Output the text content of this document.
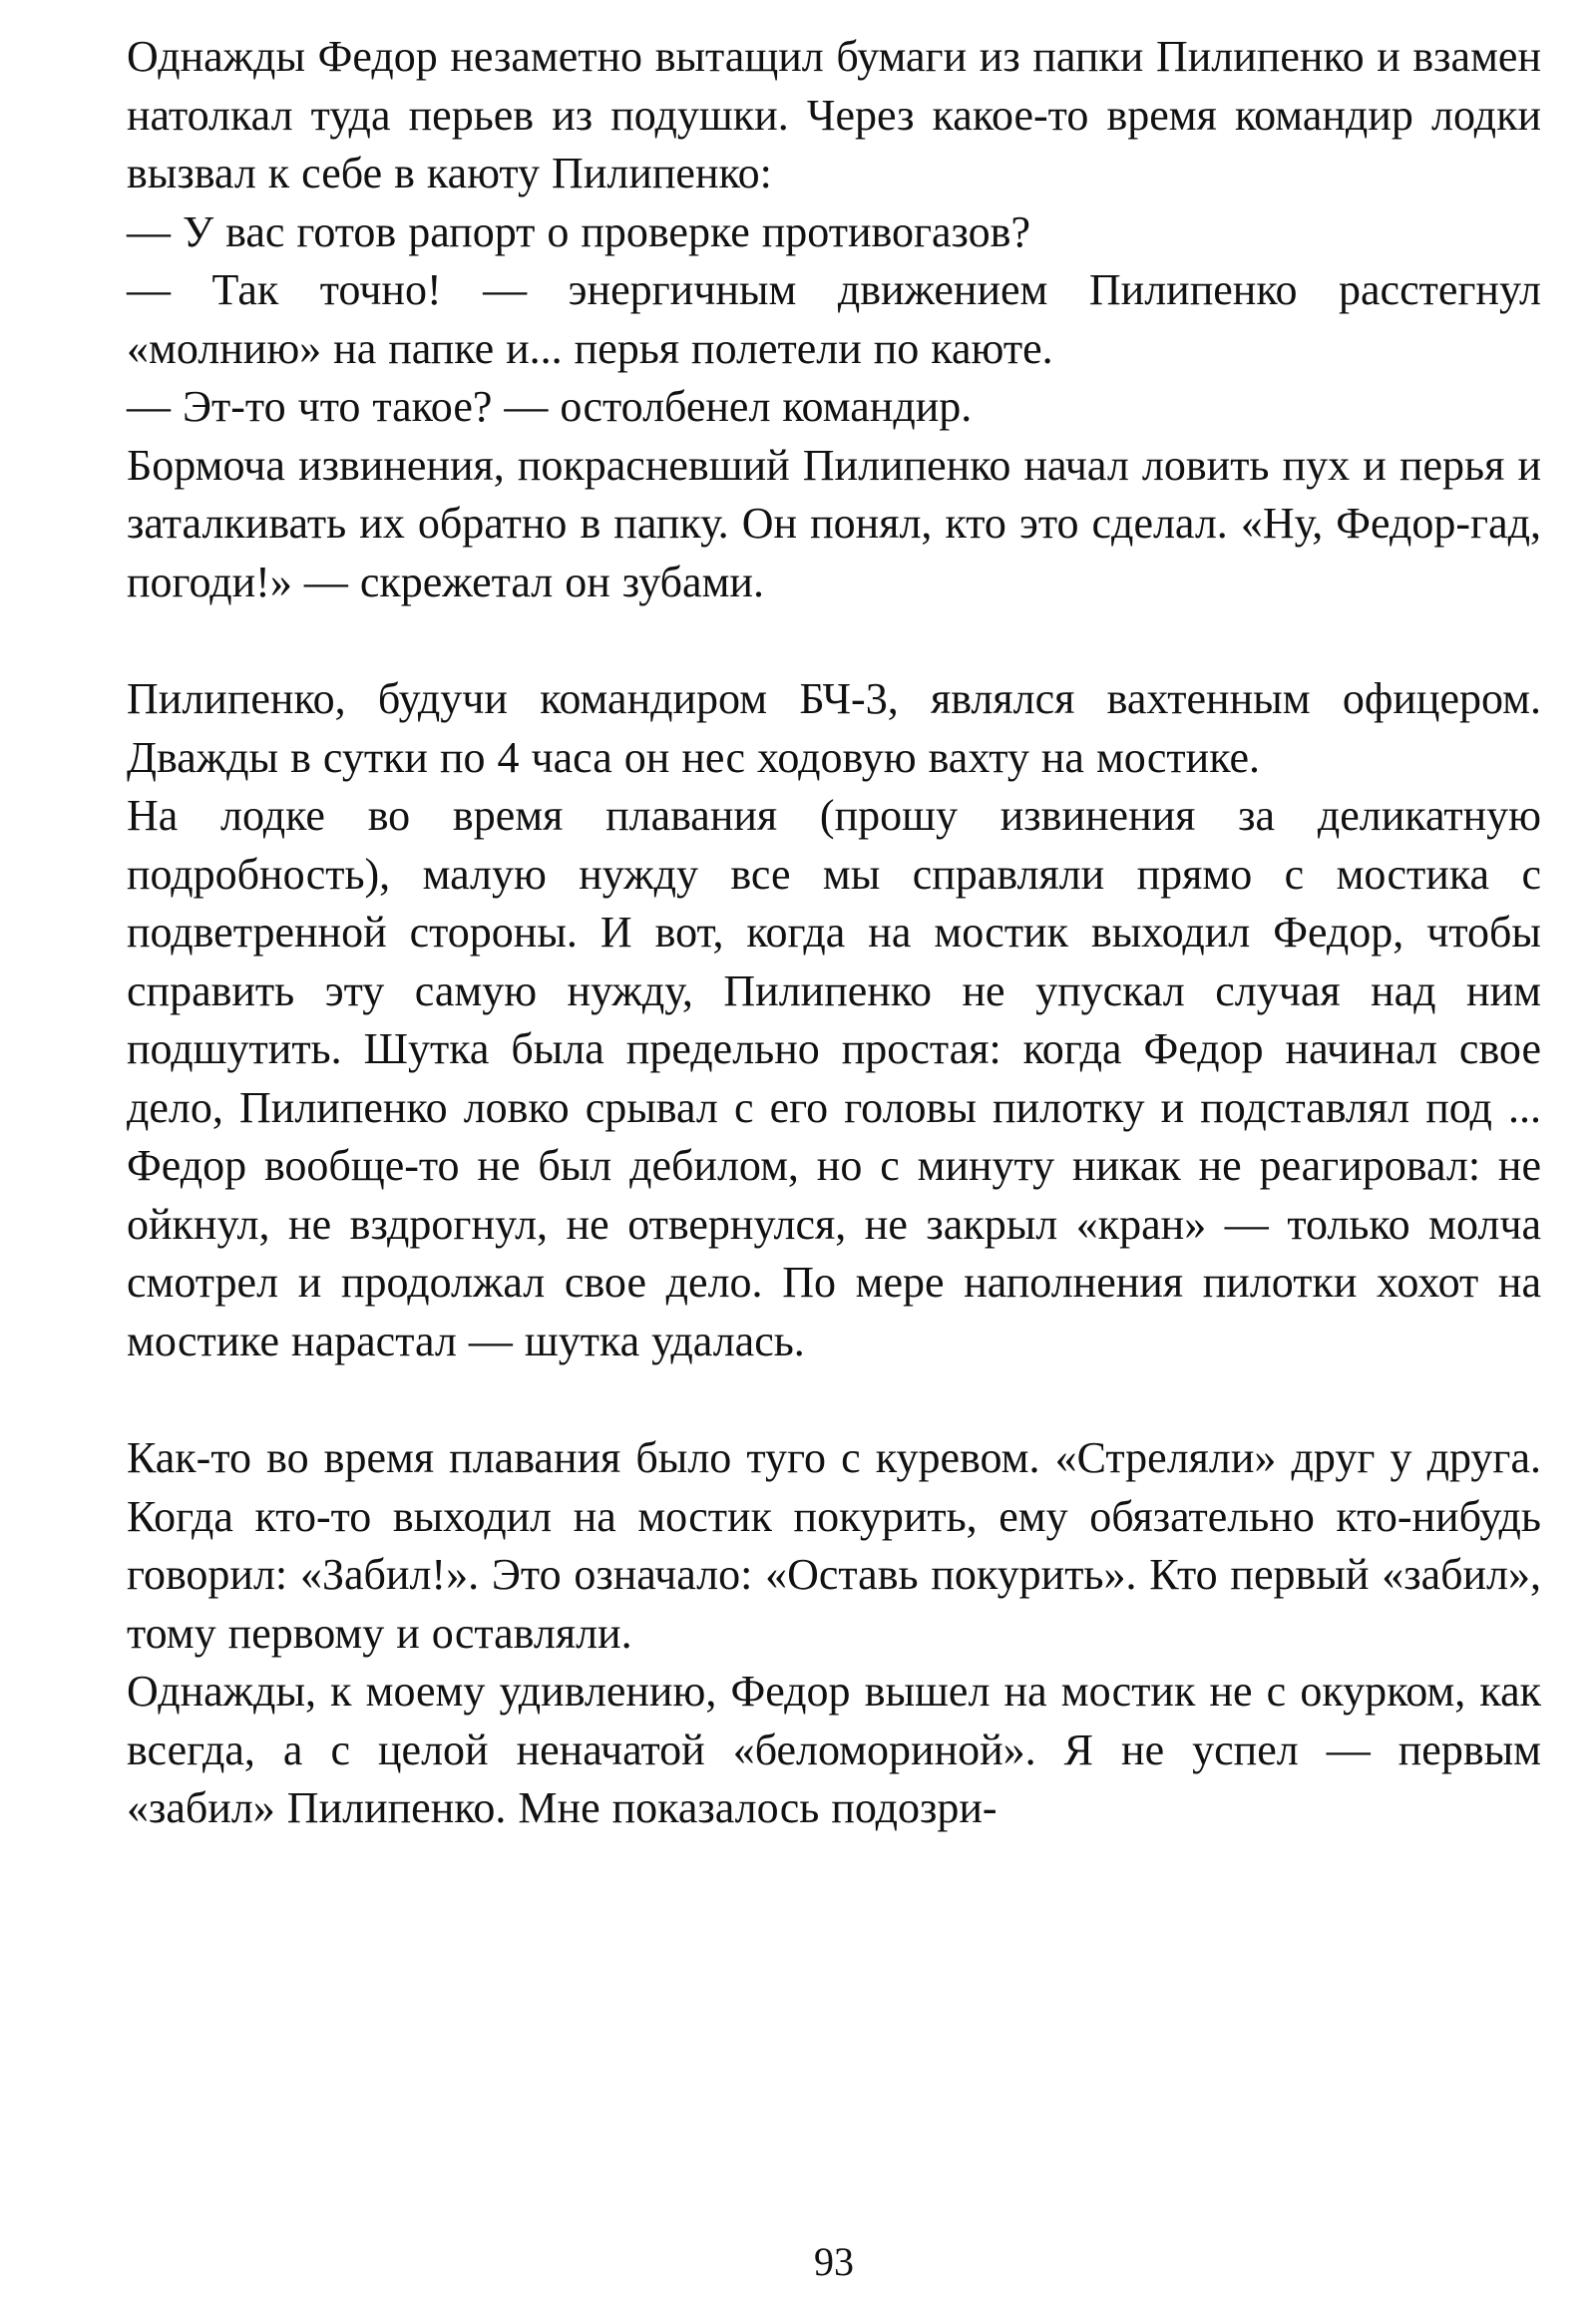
Однажды Федор незаметно вытащил бумаги из папки Пилипенко и взамен натолкал туда перьев из подушки. Через какое-то время командир лодки вызвал к себе в каюту Пилипенко:

— У вас готов рапорт о проверке противогазов?

— Так точно! — энергичным движением Пилипенко расстегнул «молнию» на папке и... перья полетели по каюте.

— Эт-то что такое? — остолбенел командир.

Бормоча извинения, покрасневший Пилипенко начал ловить пух и перья и заталкивать их обратно в папку. Он понял, кто это сделал. «Ну, Федор-гад, погоди!» — скрежетал он зубами.

Пилипенко, будучи командиром БЧ-3, являлся вахтенным офицером. Дважды в сутки по 4 часа он нес ходовую вахту на мостике.

На лодке во время плавания (прошу извинения за деликатную подробность), малую нужду все мы справляли прямо с мостика с подветренной стороны. И вот, когда на мостик выходил Федор, чтобы справить эту самую нужду, Пилипенко не упускал случая над ним подшутить. Шутка была предельно простая: когда Федор начинал свое дело, Пилипенко ловко срывал с его головы пилотку и подставлял под ... Федор вообще-то не был дебилом, но с минуту никак не реагировал: не ойкнул, не вздрогнул, не отвернулся, не закрыл «кран» — только молча смотрел и продолжал свое дело. По мере наполнения пилотки хохот на мостике нарастал — шутка удалась.

Как-то во время плавания было туго с куревом. «Стреляли» друг у друга. Когда кто-то выходил на мостик покурить, ему обязательно кто-нибудь говорил: «Забил!». Это означало: «Оставь покурить». Кто первый «забил», тому первому и оставляли.

Однажды, к моему удивлению, Федор вышел на мостик не с окурком, как всегда, а с целой неначатой «беломориной». Я не успел — первым «забил» Пилипенко. Мне показалось подозри-

93
